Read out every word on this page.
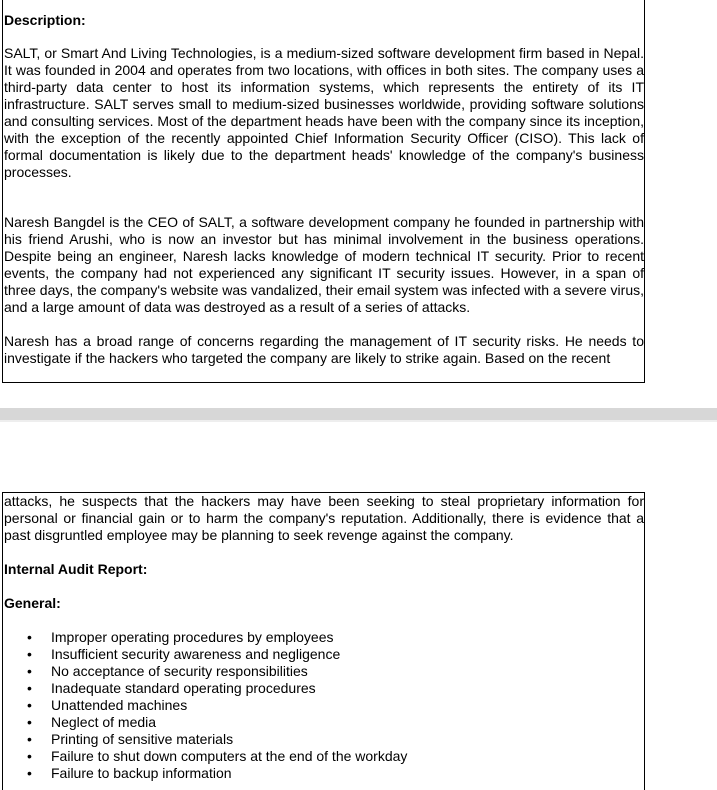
Description:

SALT, or Smart And Living Technologies, is a medium-sized software development firm based in Nepal. It was founded in 2004 and operates from two locations, with offices in both sites. The company uses a third-party data center to host its information systems, which represents the entirety of its IT infrastructure. SALT serves small to medium-sized businesses worldwide, providing software solutions and consulting services. Most of the department heads have been with the company since its inception, with the exception of the recently appointed Chief Information Security Officer (CISO). This lack of formal documentation is likely due to the department heads' knowledge of the company's business processes.

Naresh Bangdel is the CEO of SALT, a software development company he founded in partnership with his friend Arushi, who is now an investor but has minimal involvement in the business operations. Despite being an engineer, Naresh lacks knowledge of modern technical IT security. Prior to recent events, the company had not experienced any significant IT security issues. However, in a span of three days, the company's website was vandalized, their email system was infected with a severe virus, and a large amount of data was destroyed as a result of a series of attacks.

Naresh has a broad range of concerns regarding the management of IT security risks. He needs to investigate if the hackers who targeted the company are likely to strike again. Based on the recent

attacks, he suspects that the hackers may have been seeking to steal proprietary information for personal or financial gain or to harm the company's reputation. Additionally, there is evidence that a past disgruntled employee may be planning to seek revenge against the company.

Internal Audit Report:

General:

• Improper operating procedures by employees
• Insufficient security awareness and negligence
• No acceptance of security responsibilities
• Inadequate standard operating procedures
• Unattended machines
• Neglect of media
• Printing of sensitive materials
• Failure to shut down computers at the end of the workday
• Failure to backup information
